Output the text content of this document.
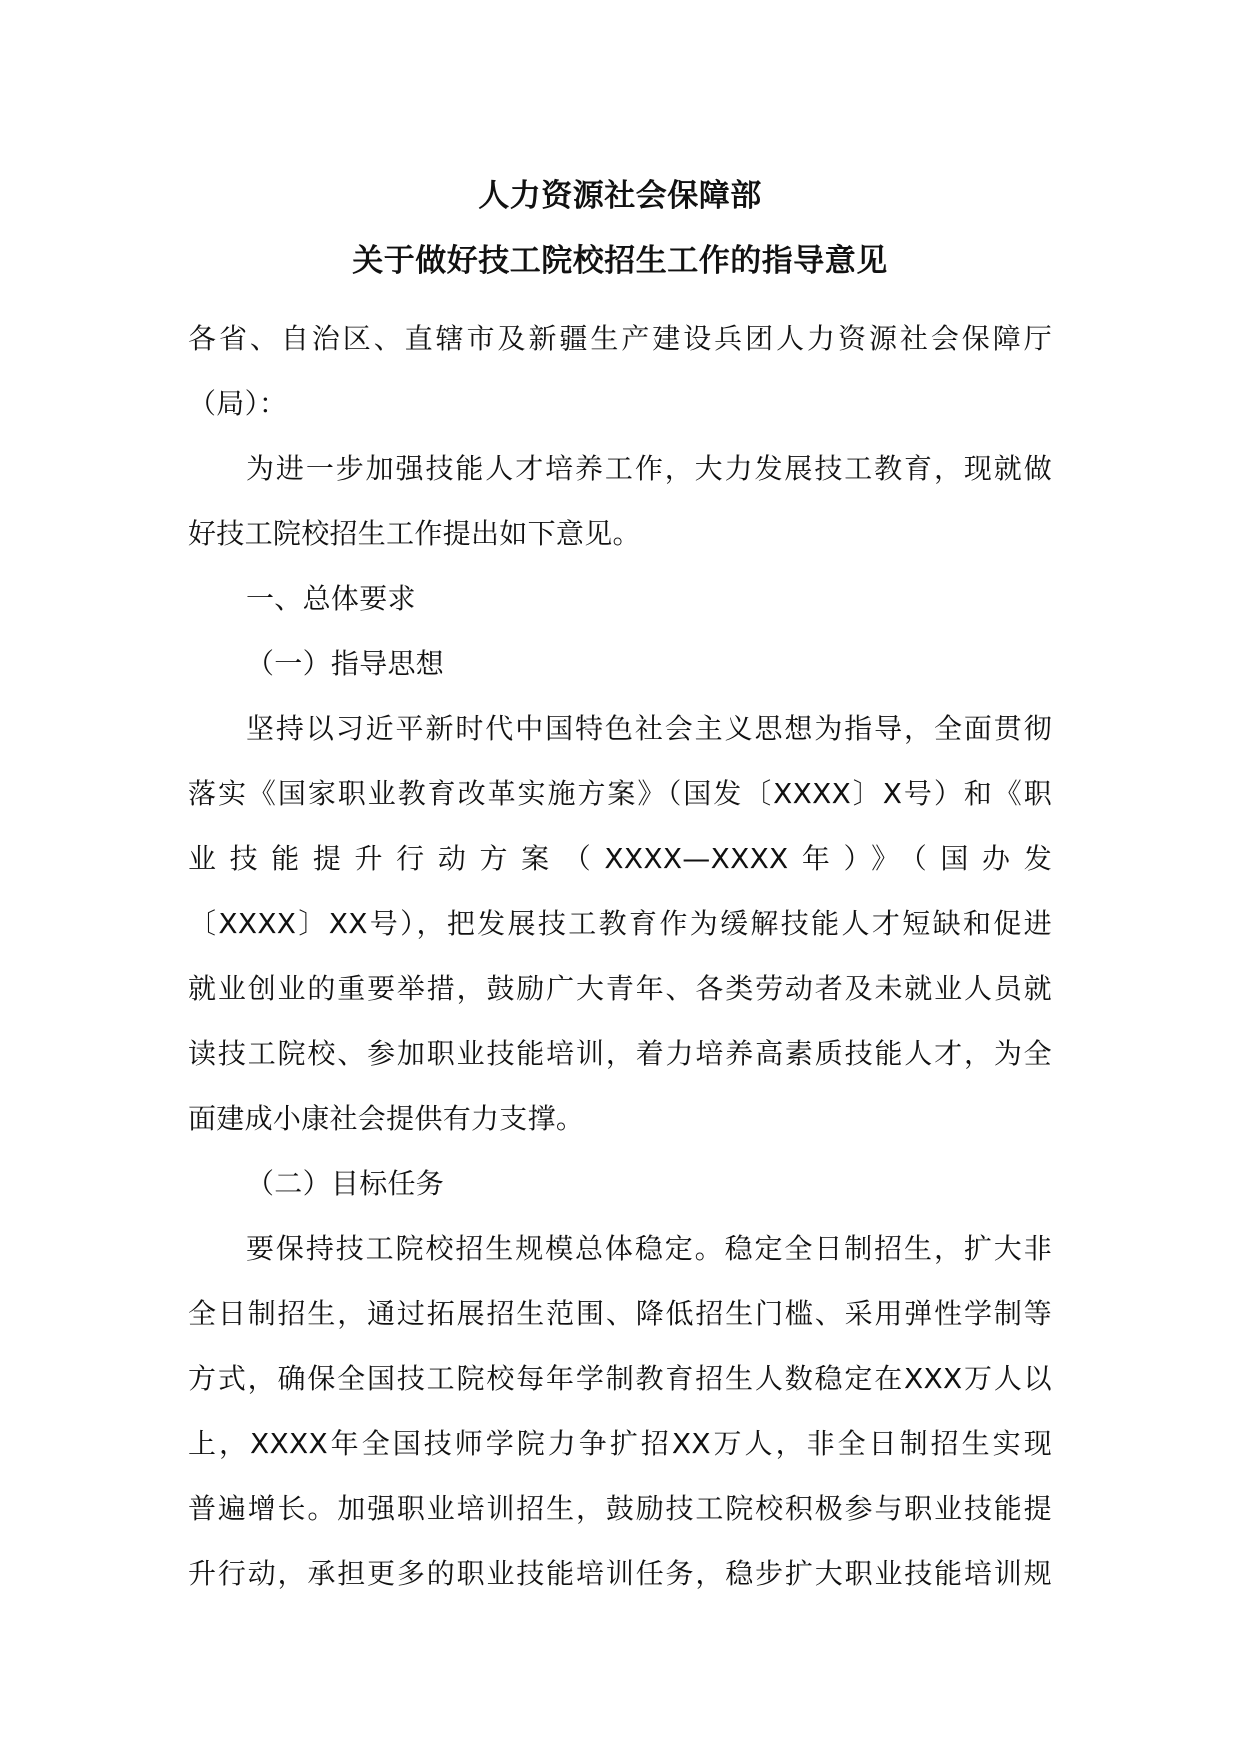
人力资源社会保障部
关于做好技工院校招生工作的指导意见
各省、自治区、直辖市及新疆生产建设兵团人力资源社会保障厅
（局）：
为进一步加强技能人才培养工作，大力发展技工教育，现就做
好技工院校招生工作提出如下意见。
一、总体要求
（一）指导思想
坚持以习近平新时代中国特色社会主义思想为指导，全面贯彻
落实《国家职业教育改革实施方案》（国发〔XXXX〕X号）和《职
业技能提升行动方案（XXXX—XXXX年）》（国办发
〔XXXX〕XX号），把发展技工教育作为缓解技能人才短缺和促进
就业创业的重要举措，鼓励广大青年、各类劳动者及未就业人员就
读技工院校、参加职业技能培训，着力培养高素质技能人才，为全
面建成小康社会提供有力支撑。
（二）目标任务
要保持技工院校招生规模总体稳定。稳定全日制招生，扩大非
全日制招生，通过拓展招生范围、降低招生门槛、采用弹性学制等
方式，确保全国技工院校每年学制教育招生人数稳定在XXX万人以
上，XXXX年全国技师学院力争扩招XX万人，非全日制招生实现
普遍增长。加强职业培训招生，鼓励技工院校积极参与职业技能提
升行动，承担更多的职业技能培训任务，稳步扩大职业技能培训规
